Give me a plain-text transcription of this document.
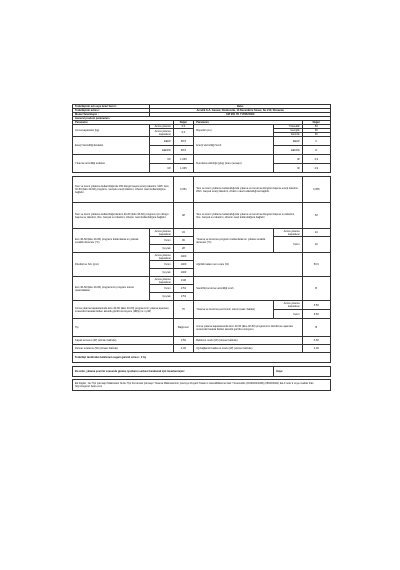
Tedarikçinin adı veya ticari favori :	Beko				
Tedarikçinin adresi :	Arcelik S.A. Gaasai, Dembovita, 13 Decembrie Street, No 210, Romania				
Model Tanımlayıcı :	CM 960 YK 7178521600				
General product parameters					
Parametre		Değer	Parametre		Değer
Anma kapasitesi (kg)	Anma yıkama	6,0	Boyutlar (cm)	Yükseklik	84
	Anma yıkama kapasitesi	6,0		Genişlik	60
				Derinlik	60
Enerji Verimliliği Endeksi	EEIW	68,5	Enerji Verimliliği Sınıfı	EEIW	C
	EEIWD	68,5		EEIWD	D
Yıkama verimliliği endeksi	IW	1,035	Durulama etkinliği (g/kg) (kuru çamaşır)	IR	4,9
	IW	1,035		IR	4,9

Tam ve kısmi yükleme kullanıldığında 100 döngü başına enerji tüketimi, kWh. Eco 40-60 (Eko 40-60) programı. Gerçek enerji tüketimi, cihazın nasıl kullanıldığına bağlıdır.		0,651	Tam ve kısmi yükleme kullanıldığında yıkama ve kurutma döngüsü başına enerji tüketimi, kWh. Gerçek enerji tüketimi, cihazın nasıl kullanıldığına bağlıdır.		3,055
Tam ve kısmi yükleme kullanıldığında Eco 40-60 (Eko 40-60) programı için döngü başına su tüketimi, litre. Gerçek su tüketimi, cihazın nasıl kullanıldığına bağlıdır.		48	Tam ve kısmi yükleme kullanıldığında yıkama ve kurutma döngüsü başına su tüketimi, litre. Gerçek su tüketimi, cihazın nasıl kullanıldığına bağlıdır.		53
Eco 40-60 (Eko 40-60) programı kullanılarak en yüksek sıcaklık derecesi (°C)	Anma yıkama kapasitesi	34	Yıkama ve kurutma programı kullanılarak en yüksek sıcaklık derecesi (°C)	Anma yıkama kapasitesi	24
	Yarım	36		Yarım	22
	Çeyrek	28			
Döndürme hızı (rpm)	Anma yıkama kapasitesi	1400	Ağırlıklı kalan nem oranı (%)		50,6
	Yarım	1400			
	Çeyrek	1400			
Eco 40-60 (Eko 40-60) programının program süresi (saat:dakika)	Anma yıkama kapasitesi	3:48	Santrifüj kurutma verimliliği sınıfı		B
	Yarım	2:53			
	Çeyrek	2:53			
Anma yıkama kapasitesinde Eco 40-60 (Eko 40-60) programının yıkama aşaması sırasında havada iletilen akustik gürültü emisyonu (dB(A) re 1 pW)		76	Yıkama ve kurutma çevriminin süresi (saat: dakika)	Anma yıkama kapasitesi	6:50
				Yarım	6:50
Tip		Bağımsız	Anma yıkama kapasitesinde Eco 40-60 (Eko 40-60) programının döndürme aşaması sırasında havada iletilen akustik gürültü emisyonu		B
Kapalı konumu (W) (olması halinde)		0,50	Bekleme modu (W) (olması halinde)		0,50
Zaman erteleme (W) (olması halinde)		4,00	Ağ bağlantılı bekleme modu (W) (olması halinde)		2,00
Tedarikçi tarafından belirlenen asgari garanti süresi : 2 Ay					

Bu ürün, yıkama çevrimi sırasında gümüş iyonlarını serbest bırakacak için tasarlanmıştır:				Hayır	
Ek bilgiler : Ev Tipi Çamaşır Makineleri İle Ev Tipi Kurutmalı Çamaşır Yıkama Makinelerinin Çevreye Duyarlı Tasarım Gerekliliklerine Dair Yönetmelik (2019/2023/AB) (28/06/2021) Ek-II notu 9 veya madde linki http://support.beko.com
